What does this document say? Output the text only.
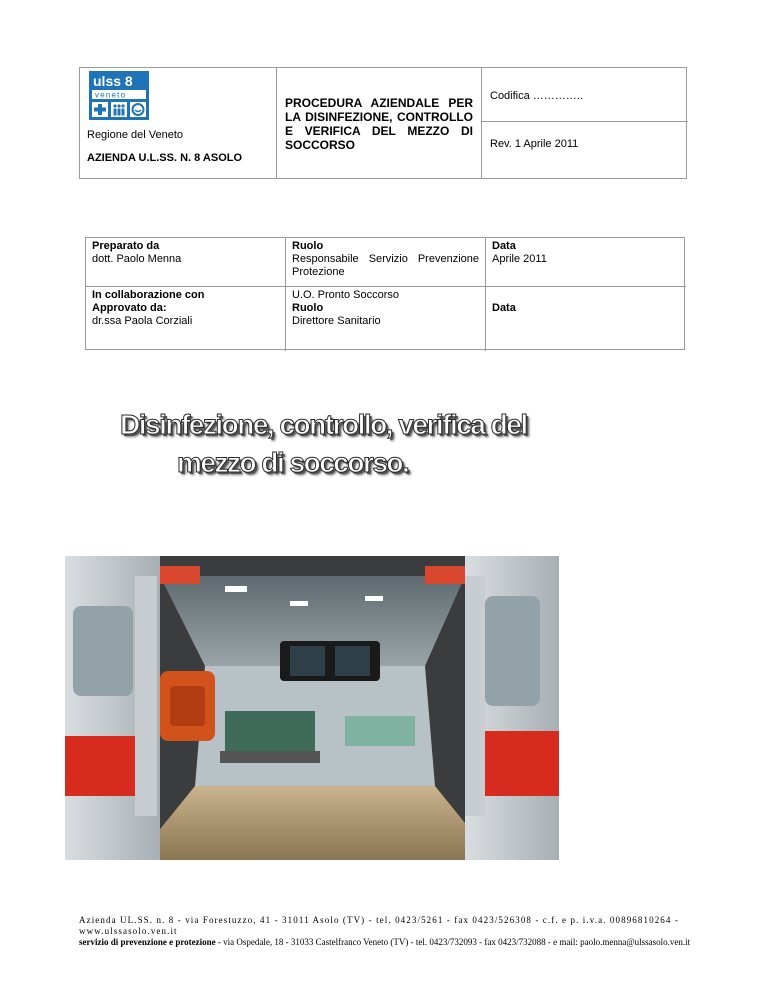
ulss 8
veneto
Regione del Veneto
AZIENDA U.L.SS. N. 8 ASOLO
PROCEDURA AZIENDALE PER LA DISINFEZIONE, CONTROLLO E VERIFICA DEL MEZZO DI SOCCORSO
Codifica …………..
Rev. 1 Aprile 2011
Preparato da
dott. Paolo Menna
Ruolo
Responsabile Servizio Prevenzione Protezione
Data
Aprile 2011
In collaborazione con
Approvato da:
dr.ssa Paola Corziali
U.O. Pronto Soccorso
Ruolo
Direttore Sanitario
Data
Disinfezione, controllo, verifica del
mezzo di soccorso.
Azienda UL.SS. n. 8 - via Forestuzzo, 41 - 31011 Asolo (TV) - tel. 0423/5261 - fax 0423/526308 - c.f. e p. i.v.a. 00896810264 -
www.ulssasolo.ven.it
servizio di prevenzione e protezione - via Ospedale, 18 - 31033 Castelfranco Veneto (TV) - tel. 0423/732093 - fax 0423/732088 - e mail: paolo.menna@ulssasolo.ven.it
